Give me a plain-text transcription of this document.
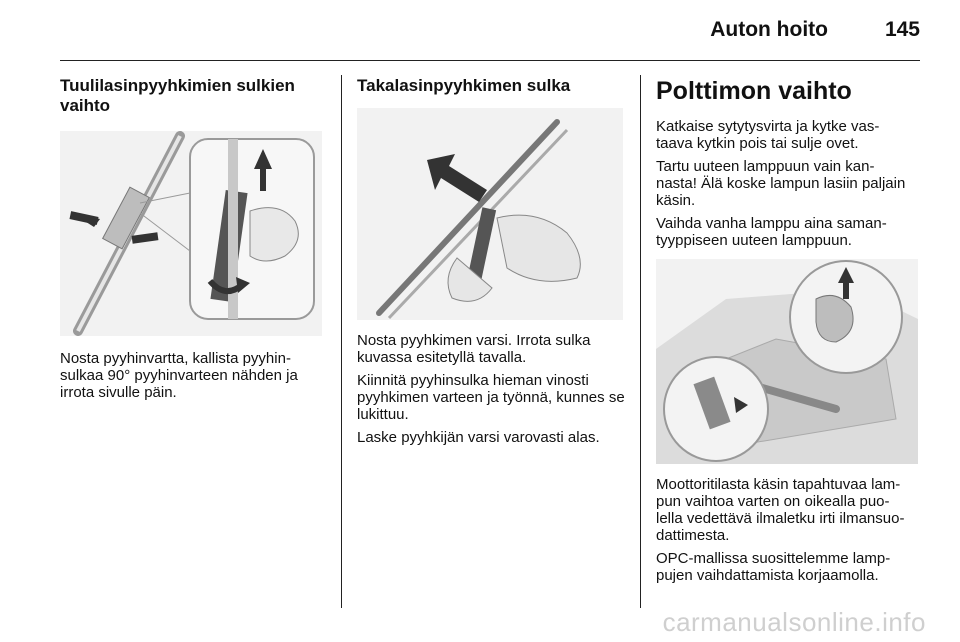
Auton hoito	145
Tuulilasinpyyhkimien sulkien vaihto

Nosta pyyhinvartta, kallista pyyhin-
sulkaa 90° pyyhinvarteen nähden ja irrota sivulle päin.

Takalasinpyyhkimen sulka

Nosta pyyhkimen varsi. Irrota sulka kuvassa esitetyllä tavalla.

Kiinnitä pyyhinsulka hieman vinosti pyyhkimen varteen ja työnnä, kunnes se lukittuu.

Laske pyyhkijän varsi varovasti alas.

Polttimon vaihto

Katkaise sytytysvirta ja kytke vas-
taava kytkin pois tai sulje ovet.

Tartu uuteen lamppuun vain kan-
nasta! Älä koske lampun lasiin paljain käsin.

Vaihda vanha lamppu aina saman-
tyyppiseen uuteen lamppuun.

Moottoritilasta käsin tapahtuvaa lam-
pun vaihtoa varten on oikealla puo-
lella vedettävä ilmaletku irti ilmansuo-
dattimesta.

OPC-mallissa suosittelemme lamp-
pujen vaihdattamista korjaamolla.

carmanualsonline.info
